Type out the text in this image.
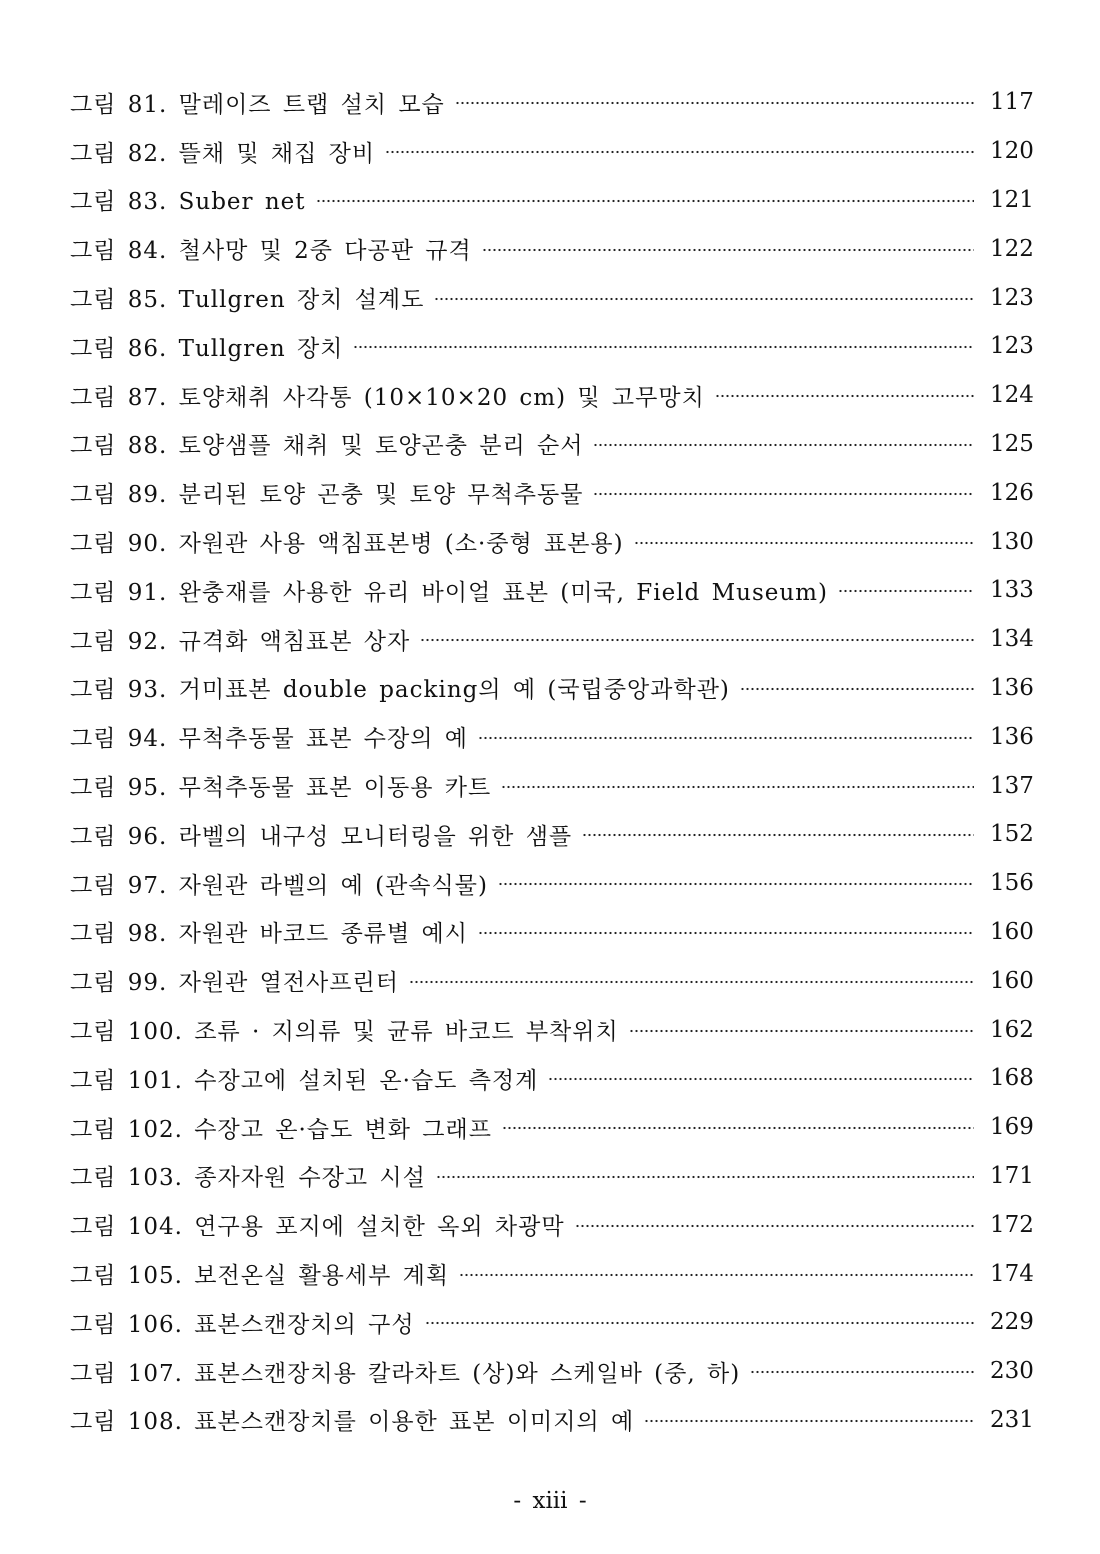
그림 81. 말레이즈 트랩 설치 모습	117
그림 82. 뜰채 및 채집 장비	120
그림 83. Suber net	121
그림 84. 철사망 및 2중 다공판 규격	122
그림 85. Tullgren 장치 설계도	123
그림 86. Tullgren 장치	123
그림 87. 토양채취 사각통 (10×10×20 cm) 및 고무망치	124
그림 88. 토양샘플 채취 및 토양곤충 분리 순서	125
그림 89. 분리된 토양 곤충 및 토양 무척추동물	126
그림 90. 자원관 사용 액침표본병 (소·중형 표본용)	130
그림 91. 완충재를 사용한 유리 바이얼 표본 (미국, Field Museum)	133
그림 92. 규격화 액침표본 상자	134
그림 93. 거미표본 double packing의 예 (국립중앙과학관)	136
그림 94. 무척추동물 표본 수장의 예	136
그림 95. 무척추동물 표본 이동용 카트	137
그림 96. 라벨의 내구성 모니터링을 위한 샘플	152
그림 97. 자원관 라벨의 예 (관속식물)	156
그림 98. 자원관 바코드 종류별 예시	160
그림 99. 자원관 열전사프린터	160
그림 100. 조류 · 지의류 및 균류 바코드 부착위치	162
그림 101. 수장고에 설치된 온·습도 측정계	168
그림 102. 수장고 온·습도 변화 그래프	169
그림 103. 종자자원 수장고 시설	171
그림 104. 연구용 포지에 설치한 옥외 차광막	172
그림 105. 보전온실 활용세부 계획	174
그림 106. 표본스캔장치의 구성	229
그림 107. 표본스캔장치용 칼라차트 (상)와 스케일바 (중, 하)	230
그림 108. 표본스캔장치를 이용한 표본 이미지의 예	231
- xiii -
